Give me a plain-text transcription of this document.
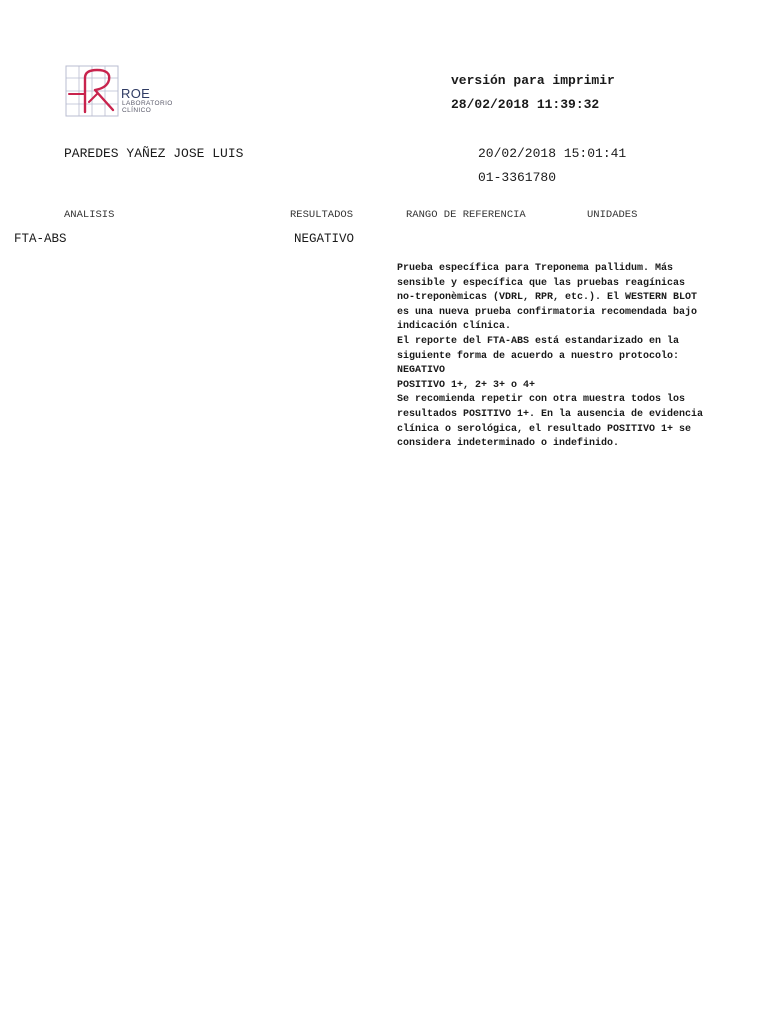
ROE
LABORATORIO
CLÍNICO
versión para imprimir
28/02/2018 11:39:32
PAREDES YAÑEZ JOSE LUIS	20/02/2018 15:01:41
01-3361780
ANALISIS	RESULTADOS	RANGO DE REFERENCIA	UNIDADES
FTA-ABS	NEGATIVO
Prueba específica para Treponema pallidum. Más
sensible y específica que las pruebas reagínicas
no-treponèmicas (VDRL, RPR, etc.). El WESTERN BLOT
es una nueva prueba confirmatoria recomendada bajo
indicación clínica.
El reporte del FTA-ABS está estandarizado en la
siguiente forma de acuerdo a nuestro protocolo:
NEGATIVO
POSITIVO 1+, 2+ 3+ o 4+
Se recomienda repetir con otra muestra todos los
resultados POSITIVO 1+. En la ausencia de evidencia
clínica o serológica, el resultado POSITIVO 1+ se
considera indeterminado o indefinido.
